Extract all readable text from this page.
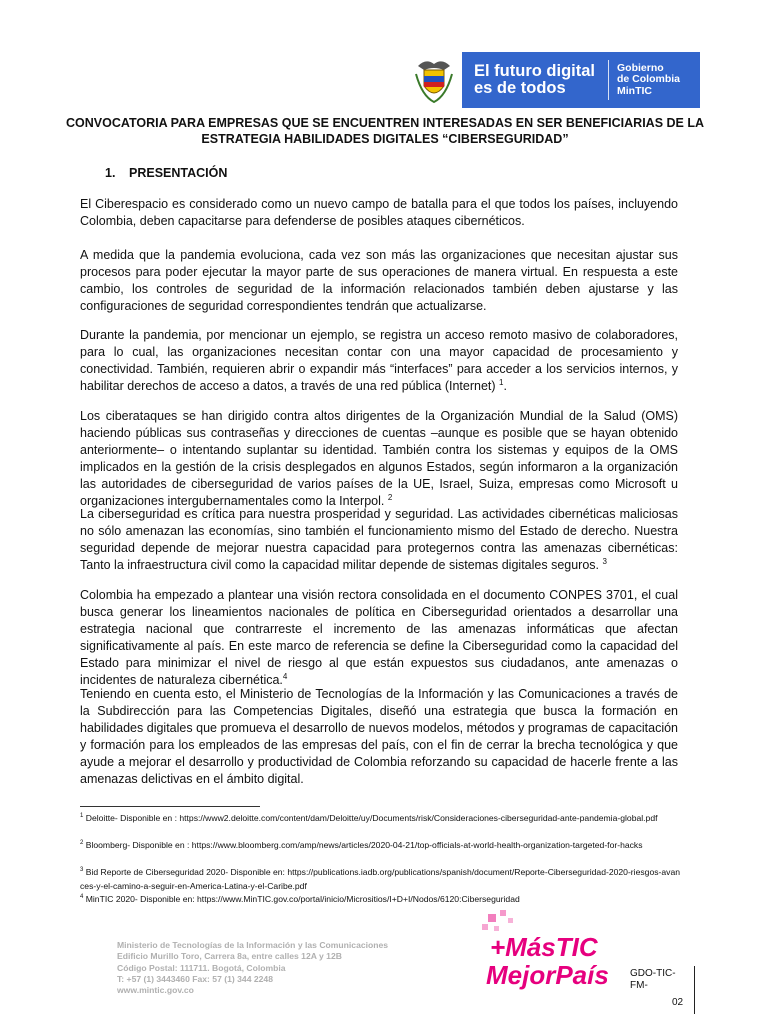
El futuro digital
es de todos
Gobierno
de Colombia
MinTIC
CONVOCATORIA PARA EMPRESAS QUE SE ENCUENTREN INTERESADAS EN SER BENEFICIARIAS DE LA
ESTRATEGIA HABILIDADES DIGITALES “CIBERSEGURIDAD”
1. PRESENTACIÓN

El Ciberespacio es considerado como un nuevo campo de batalla para el que todos los países, incluyendo Colombia, deben capacitarse para defenderse de posibles ataques cibernéticos.

A medida que la pandemia evoluciona, cada vez son más las organizaciones que necesitan ajustar sus procesos para poder ejecutar la mayor parte de sus operaciones de manera virtual. En respuesta a este cambio, los controles de seguridad de la información relacionados también deben ajustarse y las configuraciones de seguridad correspondientes tendrán que actualizarse.

Durante la pandemia, por mencionar un ejemplo, se registra un acceso remoto masivo de colaboradores, para lo cual, las organizaciones necesitan contar con una mayor capacidad de procesamiento y conectividad. También, requieren abrir o expandir más “interfaces” para acceder a los servicios internos, y habilitar derechos de acceso a datos, a través de una red pública (Internet) $^1$.

Los ciberataques se han dirigido contra altos dirigentes de la Organización Mundial de la Salud (OMS) haciendo públicas sus contraseñas y direcciones de cuentas –aunque es posible que se hayan obtenido anteriormente– o intentando suplantar su identidad. También contra los sistemas y equipos de la OMS implicados en la gestión de la crisis desplegados en algunos Estados, según informaron a la organización las autoridades de ciberseguridad de varios países de la UE, Israel, Suiza, empresas como Microsoft u organizaciones intergubernamentales como la Interpol. $^2$

La ciberseguridad es crítica para nuestra prosperidad y seguridad. Las actividades cibernéticas maliciosas no sólo amenazan las economías, sino también el funcionamiento mismo del Estado de derecho. Nuestra seguridad depende de mejorar nuestra capacidad para protegernos contra las amenazas cibernéticas: Tanto la infraestructura civil como la capacidad militar depende de sistemas digitales seguros. $^3$

Colombia ha empezado a plantear una visión rectora consolidada en el documento CONPES 3701, el cual busca generar los lineamientos nacionales de política en Ciberseguridad orientados a desarrollar una estrategia nacional que contrarreste el incremento de las amenazas informáticas que afectan significativamente al país. En este marco de referencia se define la Ciberseguridad como la capacidad del Estado para minimizar el nivel de riesgo al que están expuestos sus ciudadanos, ante amenazas o incidentes de naturaleza cibernética.$^4$

Teniendo en cuenta esto, el Ministerio de Tecnologías de la Información y las Comunicaciones a través de la Subdirección para las Competencias Digitales, diseñó una estrategia que busca la formación en habilidades digitales que promueva el desarrollo de nuevos modelos, métodos y programas de capacitación y formación para los empleados de las empresas del país, con el fin de cerrar la brecha tecnológica y que ayude a mejorar el desarrollo y productividad de Colombia reforzando su capacidad de hacerle frente a las amenazas delictivas en el ámbito digital.

$^1$ Deloitte- Disponible en : https://www2.deloitte.com/content/dam/Deloitte/uy/Documents/risk/Consideraciones-ciberseguridad-ante-pandemia-global.pdf

$^2$ Bloomberg- Disponible en : https://www.bloomberg.com/amp/news/articles/2020-04-21/top-officials-at-world-health-organization-targeted-for-hacks

$^3$ Bid Reporte de Ciberseguridad 2020- Disponible en: https://publications.iadb.org/publications/spanish/document/Reporte-Ciberseguridad-2020-riesgos-avances-y-el-camino-a-seguir-en-America-Latina-y-el-Caribe.pdf

$^4$ MinTIC 2020- Disponible en: https://www.MinTIC.gov.co/portal/inicio/Micrositios/I+D+I/Nodos/6120:Ciberseguridad

Ministerio de Tecnologías de la Información y las Comunicaciones
Edificio Murillo Toro, Carrera 8a, entre calles 12A y 12B
Código Postal: 111711. Bogotá, Colombia
T: +57 (1) 3443460 Fax: 57 (1) 344 2248
www.mintic.gov.co
+MásTIC
MejorPaís GDO-TIC-
FM-
02
